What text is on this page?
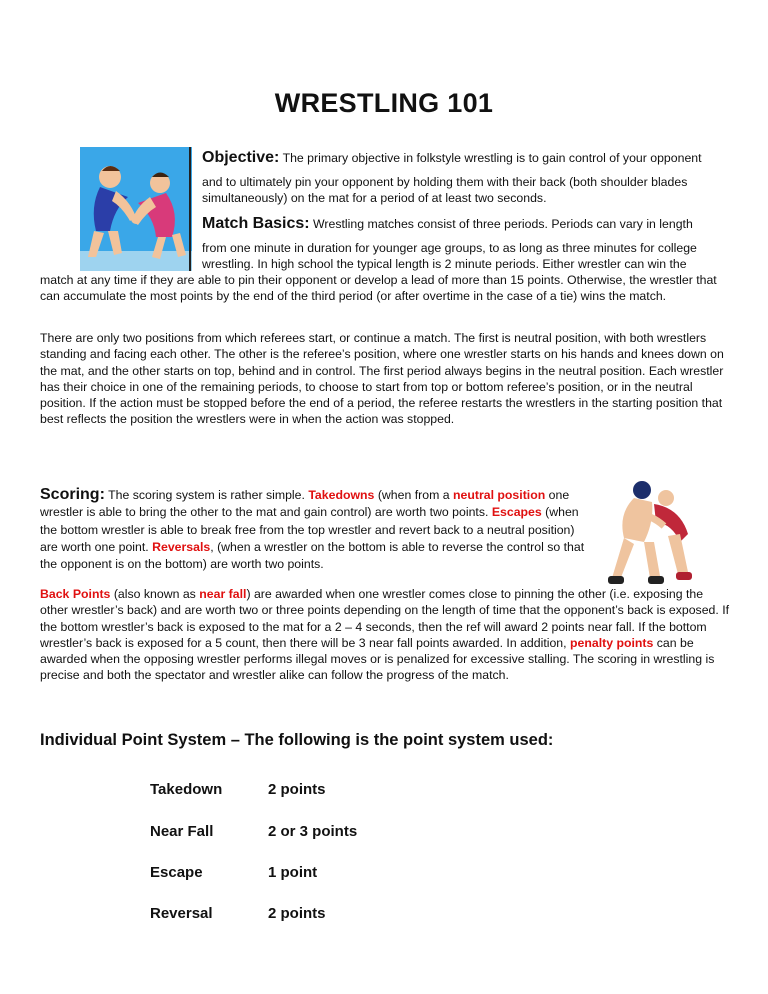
WRESTLING 101

Objective: The primary objective in folkstyle wrestling is to gain control of your opponent

and to ultimately pin your opponent by holding them with their back (both shoulder blades simultaneously) on the mat for a period of at least two seconds.

Match Basics: Wrestling matches consist of three periods. Periods can vary in length

from one minute in duration for younger age groups, to as long as three minutes for college wrestling. In high school the typical length is 2 minute periods. Either wrestler can win the

match at any time if they are able to pin their opponent or develop a lead of more than 15 points. Otherwise, the wrestler that can accumulate the most points by the end of the third period (or after overtime in the case of a tie) wins the match.

There are only two positions from which referees start, or continue a match. The first is neutral position, with both wrestlers standing and facing each other. The other is the referee’s position, where one wrestler starts on his hands and knees down on the mat, and the other starts on top, behind and in control. The first period always begins in the neutral position. Each wrestler has their choice in one of the remaining periods, to choose to start from top or bottom referee’s position, or in the neutral position. If the action must be stopped before the end of a period, the referee restarts the wrestlers in the starting position that best reflects the position the wrestlers were in when the action was stopped.

Scoring: The scoring system is rather simple. Takedowns (when from a neutral position one wrestler is able to bring the other to the mat and gain control) are worth two points. Escapes (when the bottom wrestler is able to break free from the top wrestler and revert back to a neutral position) are worth one point. Reversals, (when a wrestler on the bottom is able to reverse the control so that the opponent is on the bottom) are worth two points.

Back Points (also known as near fall) are awarded when one wrestler comes close to pinning the other (i.e. exposing the other wrestler’s back) and are worth two or three points depending on the length of time that the opponent’s back is exposed. If the bottom wrestler’s back is exposed to the mat for a 2 – 4 seconds, then the ref will award 2 points near fall. If the bottom wrestler’s back is exposed for a 5 count, then there will be 3 near fall points awarded. In addition, penalty points can be awarded when the opposing wrestler performs illegal moves or is penalized for excessive stalling. The scoring in wrestling is precise and both the spectator and wrestler alike can follow the progress of the match.

Individual Point System – The following is the point system used:
Takedown	2 points
Near Fall	2 or 3 points
Escape	1 point
Reversal	2 points
